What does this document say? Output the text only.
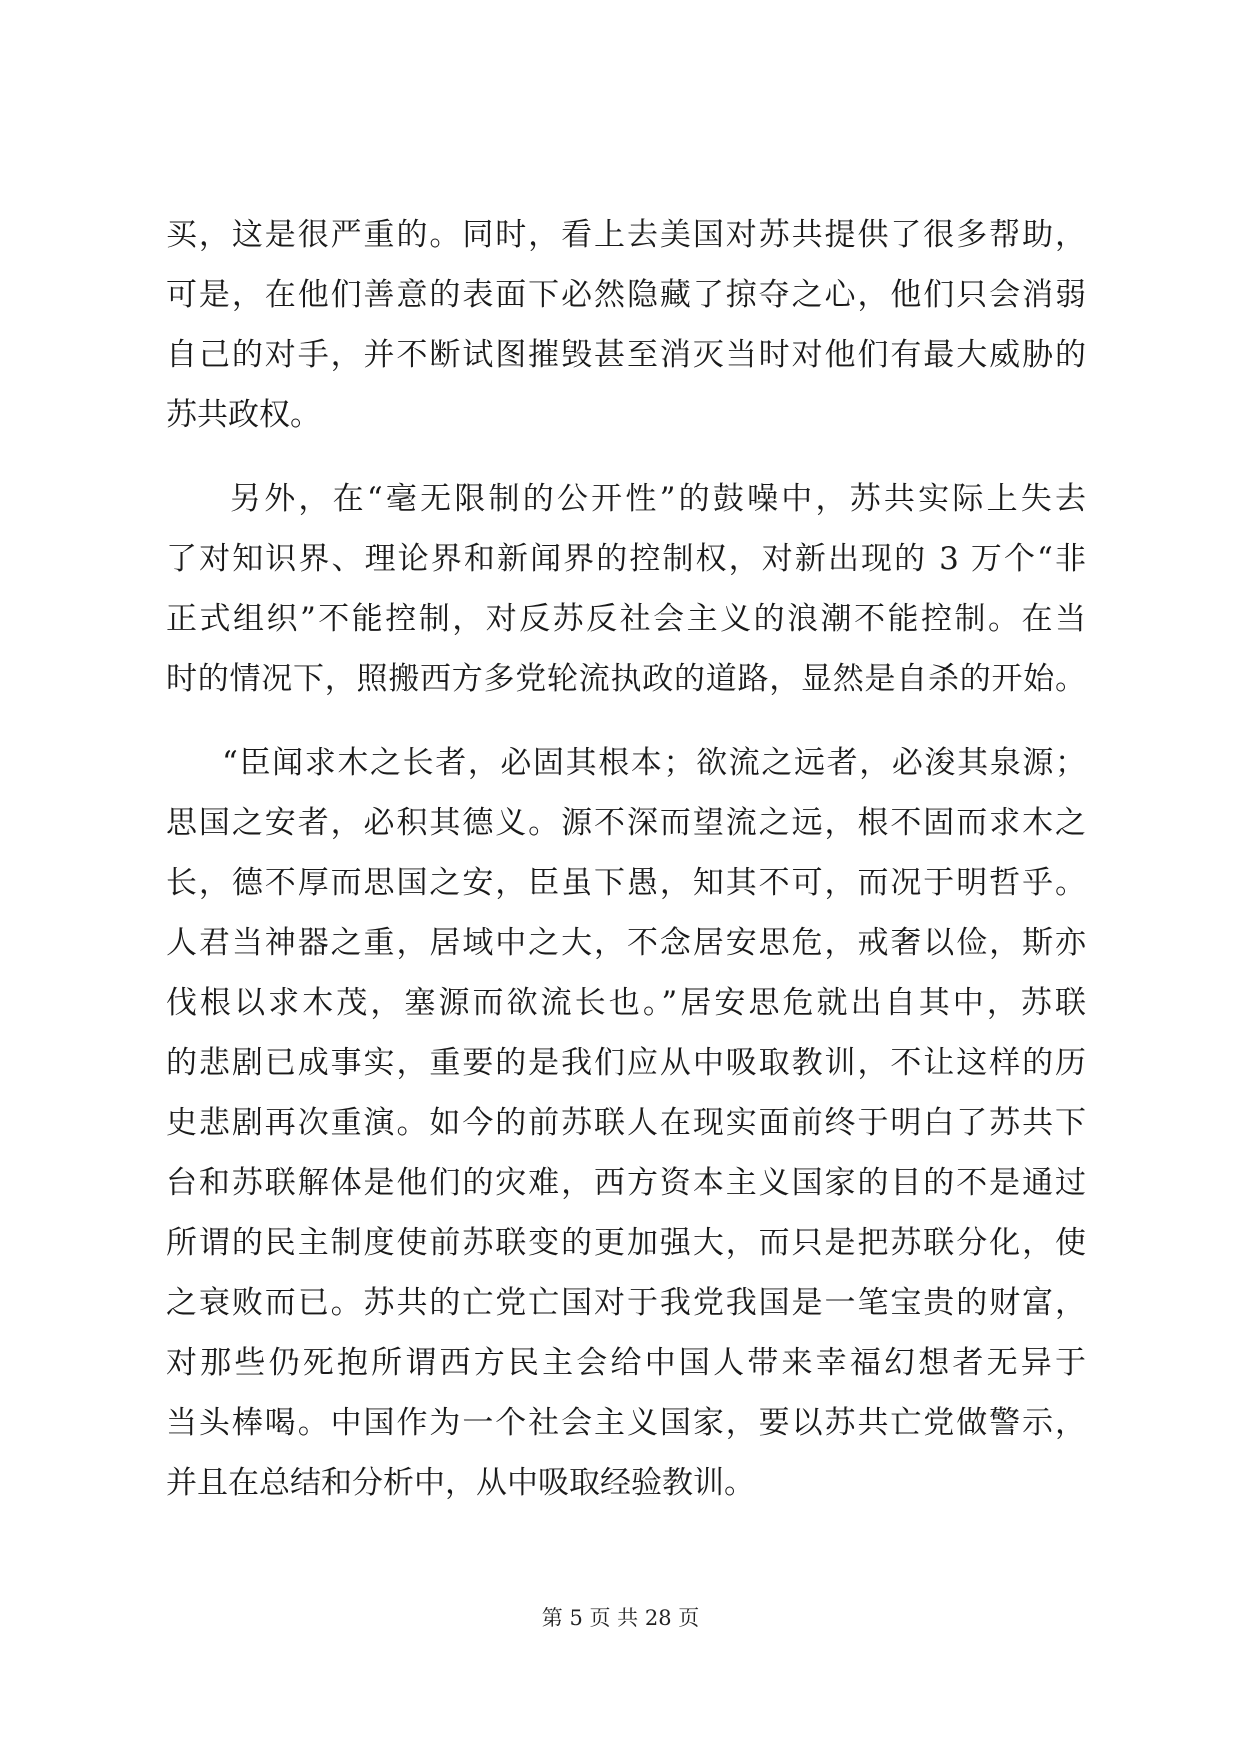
买，这是很严重的。同时，看上去美国对苏共提供了很多帮助，
可是，在他们善意的表面下必然隐藏了掠夺之心，他们只会消弱
自己的对手，并不断试图摧毁甚至消灭当时对他们有最大威胁的
苏共政权。
另外，在“毫无限制的公开性”的鼓噪中，苏共实际上失去
了对知识界、理论界和新闻界的控制权，对新出现的 3 万个“非
正式组织”不能控制，对反苏反社会主义的浪潮不能控制。在当
时的情况下，照搬西方多党轮流执政的道路，显然是自杀的开始。
“臣闻求木之长者，必固其根本；欲流之远者，必浚其泉源；
思国之安者，必积其德义。源不深而望流之远，根不固而求木之
长，德不厚而思国之安，臣虽下愚，知其不可，而况于明哲乎。
人君当神器之重，居域中之大，不念居安思危，戒奢以俭，斯亦
伐根以求木茂，塞源而欲流长也。”居安思危就出自其中，苏联
的悲剧已成事实，重要的是我们应从中吸取教训，不让这样的历
史悲剧再次重演。如今的前苏联人在现实面前终于明白了苏共下
台和苏联解体是他们的灾难，西方资本主义国家的目的不是通过
所谓的民主制度使前苏联变的更加强大，而只是把苏联分化，使
之衰败而已。苏共的亡党亡国对于我党我国是一笔宝贵的财富，
对那些仍死抱所谓西方民主会给中国人带来幸福幻想者无异于
当头棒喝。中国作为一个社会主义国家，要以苏共亡党做警示，
并且在总结和分析中，从中吸取经验教训。
第 5 页 共 28 页
